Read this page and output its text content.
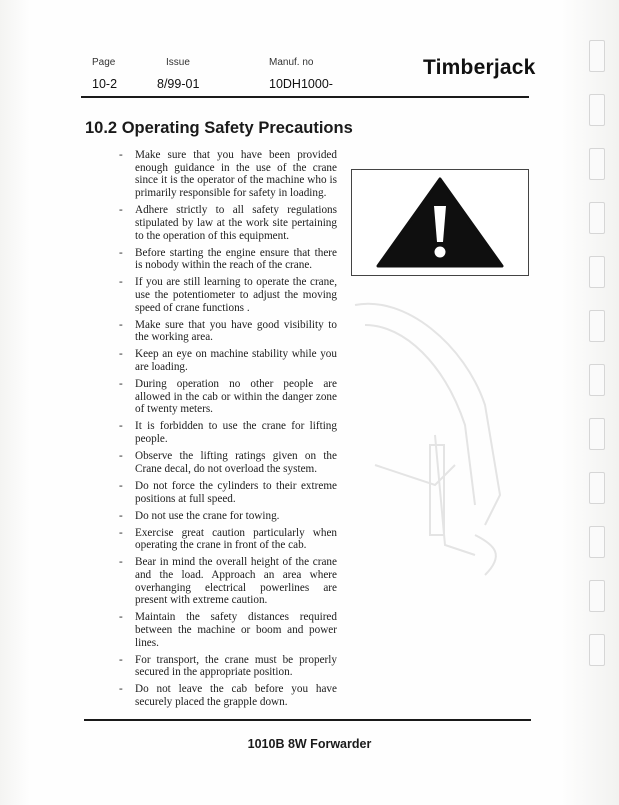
Page	Issue	Manuf. no
10-2	8/99-01	10DH1000-
Timberjack
10.2 Operating Safety Precautions
- Make sure that you have been provided enough guidance in the use of the crane since it is the operator of the machine who is primarily responsible for safety in loading.
- Adhere strictly to all safety regulations stipulated by law at the work site pertaining to the operation of this equipment.
- Before starting the engine ensure that there is nobody within the reach of the crane.
- If you are still learning to operate the crane, use the potentiometer to adjust the moving speed of crane functions .
- Make sure that you have good visibility to the working area.
- Keep an eye on machine stability while you are loading.
- During operation no other people are allowed in the cab or within the danger zone of twenty meters.
- It is forbidden to use the crane for lifting people.
- Observe the lifting ratings given on the Crane decal, do not overload the system.
- Do not force the cylinders to their extreme positions at full speed.
- Do not use the crane for towing.
- Exercise great caution particularly when operating the crane in front of the cab.
- Bear in mind the overall height of the crane and the load. Approach an area where overhanging electrical powerlines are present with extreme caution.
- Maintain the safety distances required between the machine or boom and power lines.
- For transport, the crane must be properly secured in the appropriate position.
- Do not leave the cab before you have securely placed the grapple down.
1010B 8W Forwarder
